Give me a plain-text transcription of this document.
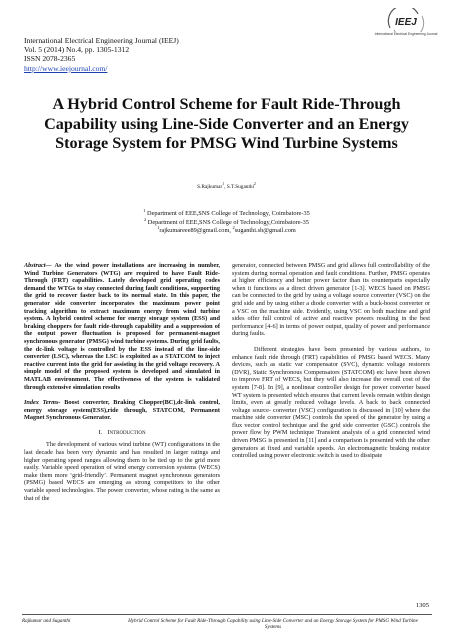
IEEJ
International Electrical Engineering Journal
International Electrical Engineering Journal (IEEJ)
Vol. 5 (2014) No.4, pp. 1305-1312
ISSN 2078-2365
http://www.ieejournal.com/
A Hybrid Control Scheme for Fault Ride-Through Capability using Line-Side Converter and an Energy Storage System for PMSG Wind Turbine Systems
S.Rajkumar$^1$, S.T.Suganthi$^2$
$^1$ Department of EEE,SNS College of Technology, Coimbatore-35
$^2$ Department of EEE,SNS College of Technology,Coimbatore-35
$^1$rajkumareee89@gmail.com, $^2$suganthi.sb@gmail.com

Abstract— As the wind power installations are increasing in number, Wind Turbine Generators (WTG) are required to have Fault Ride-Through (FRT) capabilities. Lately developed grid operating codes demand the WTGs to stay connected during fault conditions, supporting the grid to recover faster back to its normal state. In this paper, the generator side converter incorporates the maximum power point tracking algorithm to extract maximum energy from wind turbine system. A hybrid control scheme for energy storage system (ESS) and braking choppers for fault ride-through capability and a suppression of the output power fluctuation is proposed for permanent-magnet synchronous generator (PMSG) wind turbine systems. During grid faults, the dc-link voltage is controlled by the ESS instead of the line-side converter (LSC), whereas the LSC is exploited as a STATCOM to inject reactive current into the grid for assisting in the grid voltage recovery. A simple model of the proposed system is developed and simulated in MATLAB environment. The effectiveness of the system is validated through extensive simulation results

Index Terms- Boost converter, Braking Chopper(BC),dc-link control, energy storage system(ESS),ride through, STATCOM, Permanent Magnet Synchronous Generator.

I. Introduction

The development of various wind turbine (WT) configurations in the last decade has been very dynamic and has resulted in larger ratings and higher operating speed ranges allowing them to be tied up to the grid more easily. Variable speed operation of wind energy conversion systems (WECS) make them more ‘grid-friendly’. Permanent magnet synchronous generators (PSMG) based WECS are emerging as strong competitors to the other variable speed technologies. The power converter, whose rating is the same as that of the

generator, connected between PMSG and grid allows full controllability of the system during normal operation and fault conditions. Further, PMSG operates at higher efficiency and better power factor than its counterparts especially when it functions as a direct driven generator [1-3]. WECS based on PMSG can be connected to the grid by using a voltage source converter (VSC) on the grid side and by using either a diode converter with a buck-boost converter or a VSC on the machine side. Evidently, using VSC on both machine and grid sides offer full control of active and reactive powers resulting in the best performance [4-6] in terms of power output, quality of power and performance during faults.

Different strategies have been presented by various authors, to enhance fault ride through (FRT) capabilities of PMSG based WECS. Many devices, such as static var compensator (SVC), dynamic voltage restorers (DVR), Static Synchronous Compensators (STATCOM) etc have been shown to improve FRT of WECS, but they will also increase the overall cost of the system [7-8]. In [9], a nonlinear controller design for power converter based WT system is presented which ensures that current levels remain within design limits, even at greatly reduced voltage levels. A back to back connected voltage source- converter (VSC) configuration is discussed in [10] where the machine side converter (MSC) controls the speed of the generator by using a flux vector control technique and the grid side converter (GSC) controls the power flow by PWM technique Transient analysis of a grid connected wind driven PMSG is presented in [11] and a comparison is presented with the other generators at fixed and variable speeds. An electromagnetic braking resistor controlled using power electronic switch is used to dissipate

1305
Rajkumar and Suganthi	Hybrid Control Scheme for Fault Ride-Through Capability using Line-Side Converter and an Energy Storage System for PMSG Wind Turbine Systems
